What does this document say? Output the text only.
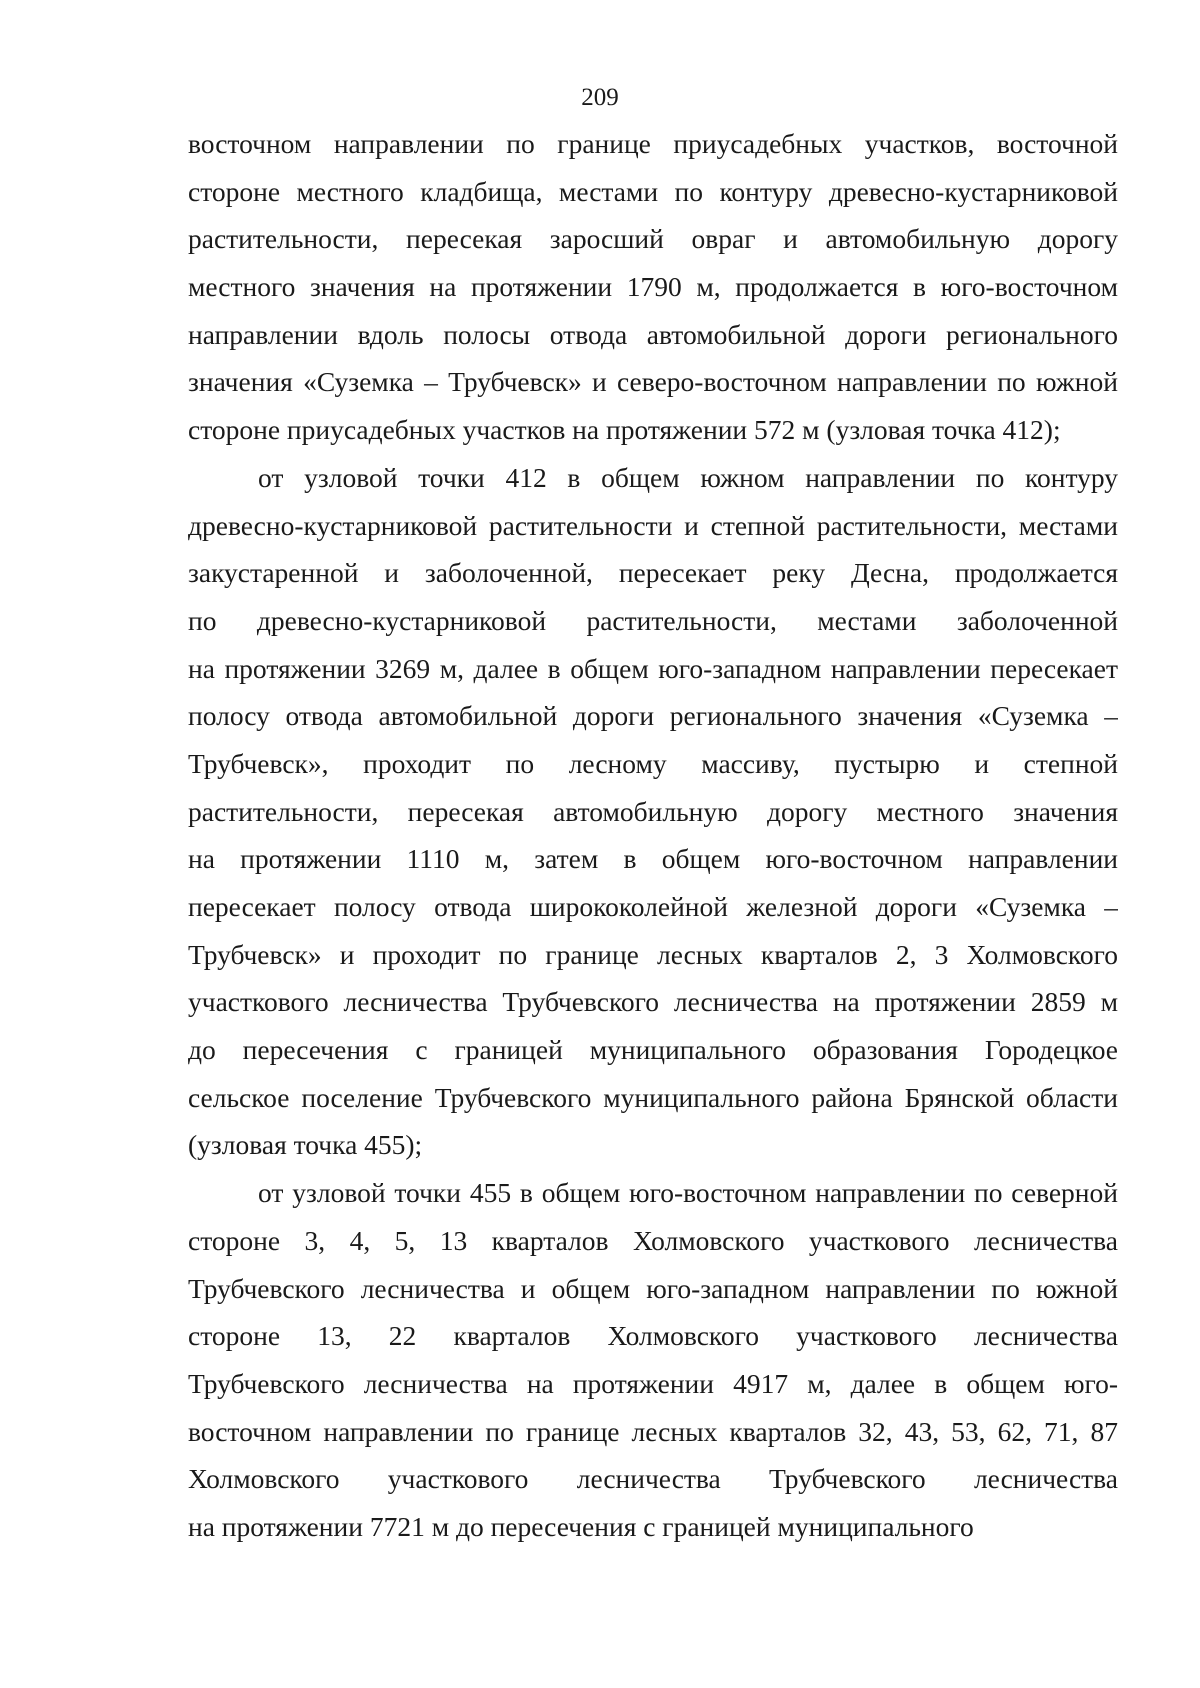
209
восточном направлении по границе приусадебных участков, восточной
стороне местного кладбища, местами по контуру древесно-кустарниковой
растительности, пересекая заросший овраг и автомобильную дорогу
местного значения на протяжении 1790 м, продолжается в юго-восточном
направлении вдоль полосы отвода автомобильной дороги регионального
значения «Суземка – Трубчевск» и северо-восточном направлении по южной
стороне приусадебных участков на протяжении 572 м (узловая точка 412);
от узловой точки 412 в общем южном направлении по контуру
древесно-кустарниковой растительности и степной растительности, местами
закустаренной и заболоченной, пересекает реку Десна, продолжается
по древесно-кустарниковой растительности, местами заболоченной
на протяжении 3269 м, далее в общем юго-западном направлении пересекает
полосу отвода автомобильной дороги регионального значения «Суземка –
Трубчевск», проходит по лесному массиву, пустырю и степной
растительности, пересекая автомобильную дорогу местного значения
на протяжении 1110 м, затем в общем юго-восточном направлении
пересекает полосу отвода ширококолейной железной дороги «Суземка –
Трубчевск» и проходит по границе лесных кварталов 2, 3 Холмовского
участкового лесничества Трубчевского лесничества на протяжении 2859 м
до пересечения с границей муниципального образования Городецкое
сельское поселение Трубчевского муниципального района Брянской области
(узловая точка 455);
от узловой точки 455 в общем юго-восточном направлении по северной
стороне 3, 4, 5, 13 кварталов Холмовского участкового лесничества
Трубчевского лесничества и общем юго-западном направлении по южной
стороне 13, 22 кварталов Холмовского участкового лесничества
Трубчевского лесничества на протяжении 4917 м, далее в общем юго-
восточном направлении по границе лесных кварталов 32, 43, 53, 62, 71, 87
Холмовского участкового лесничества Трубчевского лесничества
на протяжении 7721 м до пересечения с границей муниципального
